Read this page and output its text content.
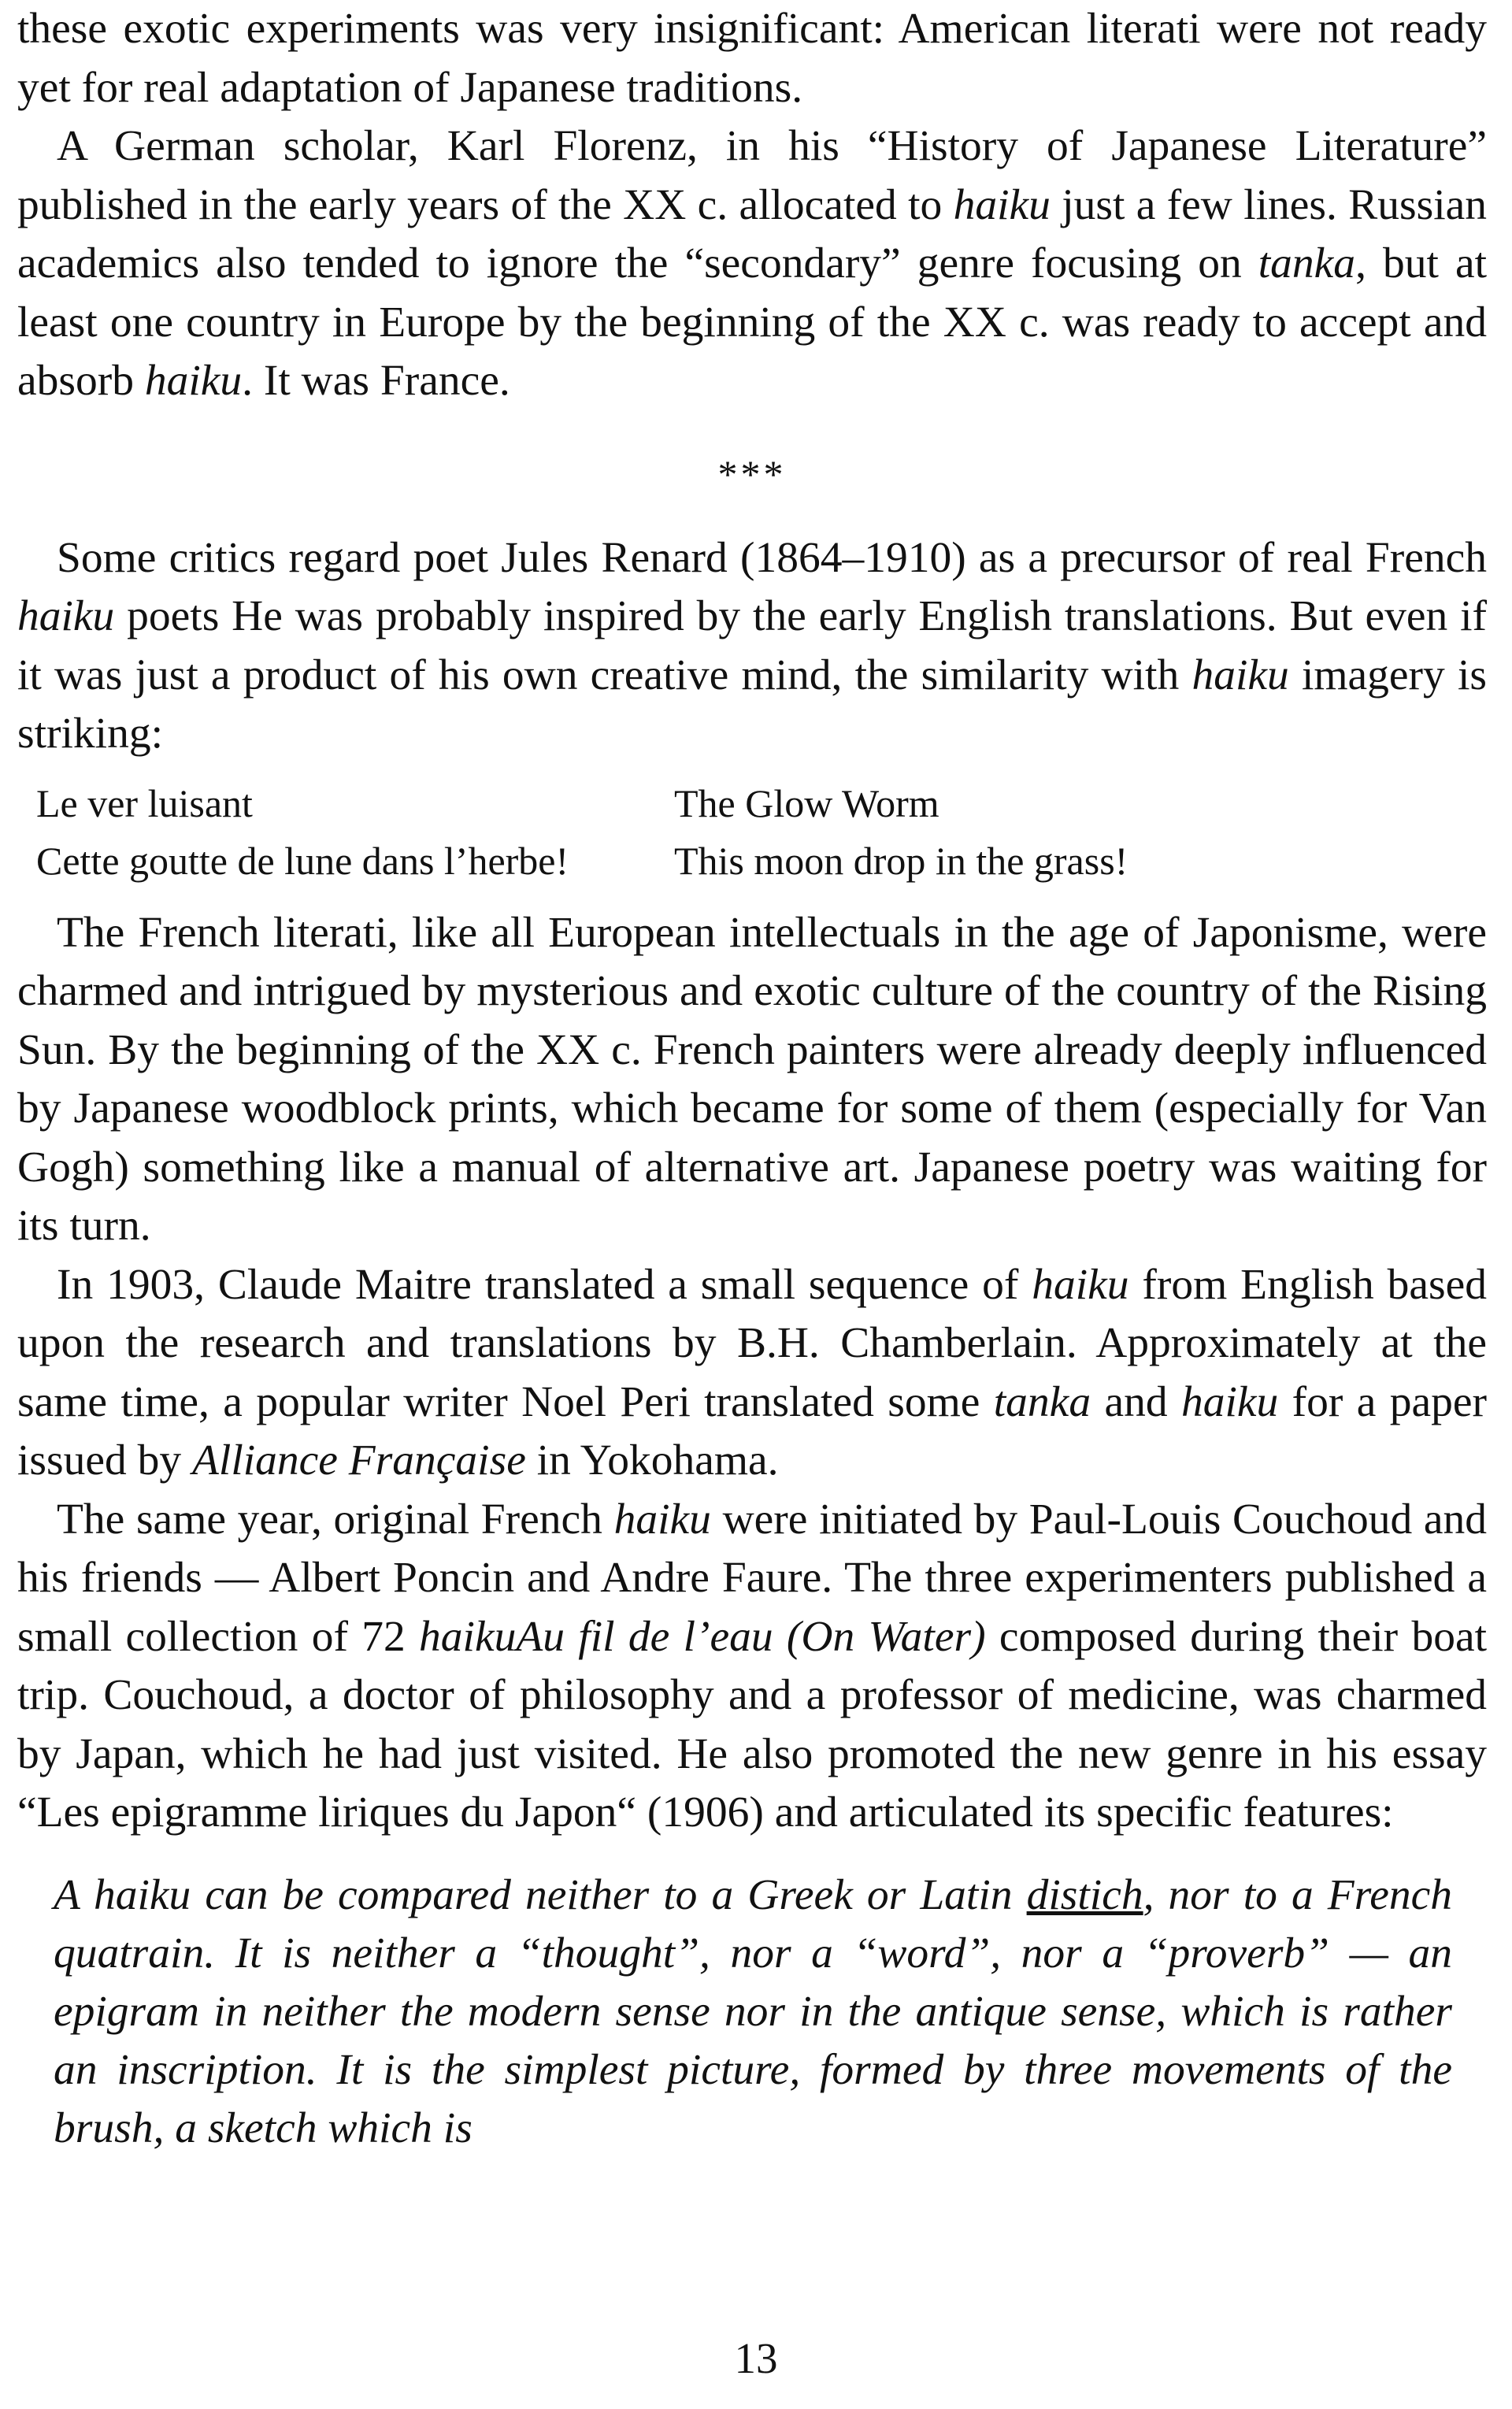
these exotic experiments was very insignificant: American literati were not ready yet for real adaptation of Japanese traditions.

A German scholar, Karl Florenz, in his “History of Japanese Literature” published in the early years of the XX c. allocated to haiku just a few lines. Russian academics also tended to ignore the “secondary” genre focusing on tanka, but at least one country in Europe by the beginning of the XX c. was ready to accept and absorb haiku. It was France.

***

Some critics regard poet Jules Renard (1864–1910) as a precursor of real French haiku poets He was probably inspired by the early English translations. But even if it was just a product of his own creative mind, the similarity with haiku imagery is striking:

Le ver luisant	The Glow Worm
Cette goutte de lune dans l’herbe!	This moon drop in the grass!

The French literati, like all European intellectuals in the age of Japonisme, were charmed and intrigued by mysterious and exotic culture of the country of the Rising Sun. By the beginning of the XX c. French painters were already deeply influenced by Japanese woodblock prints, which became for some of them (especially for Van Gogh) something like a manual of alternative art. Japanese poetry was waiting for its turn.

In 1903, Claude Maitre translated a small sequence of haiku from English based upon the research and translations by B.H. Chamberlain. Approximately at the same time, a popular writer Noel Peri translated some tanka and haiku for a paper issued by Alliance Française in Yokohama.

The same year, original French haiku were initiated by Paul-Louis Couchoud and his friends — Albert Poncin and Andre Faure. The three experimenters published a small collection of 72 haikuAu fil de l’eau (On Water) composed during their boat trip. Couchoud, a doctor of philosophy and a professor of medicine, was charmed by Japan, which he had just visited. He also promoted the new genre in his essay “Les epigramme liriques du Japon“ (1906) and articulated its specific features:

A haiku can be compared neither to a Greek or Latin distich, nor to a French quatrain. It is neither a “thought”, nor a “word”, nor a “proverb” — an epigram in neither the modern sense nor in the antique sense, which is rather an inscription. It is the simplest picture, formed by three movements of the brush, a sketch which is

13
